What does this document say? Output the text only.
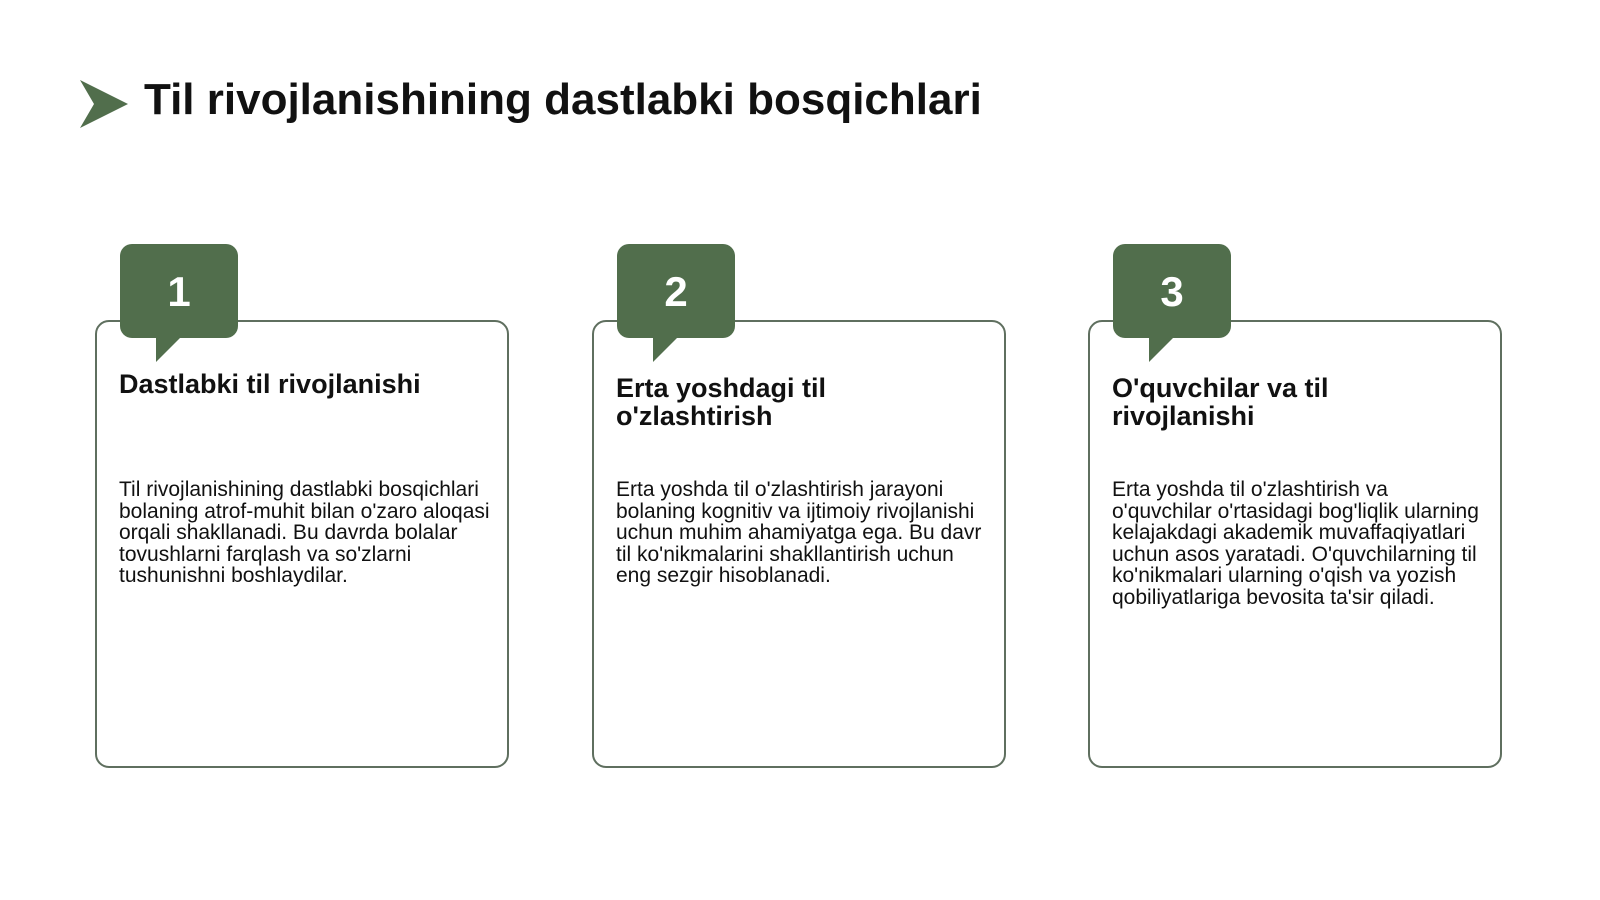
Til rivojlanishining dastlabki bosqichlari
Dastlabki til rivojlanishi

Til rivojlanishining dastlabki bosqichlari bolaning atrof-muhit bilan o'zaro aloqasi orqali shakllanadi. Bu davrda bolalar tovushlarni farqlash va so'zlarni tushunishni boshlaydilar.

1
Erta yoshdagi til o'zlashtirish

Erta yoshda til o'zlashtirish jarayoni bolaning kognitiv va ijtimoiy rivojlanishi uchun muhim ahamiyatga ega. Bu davr til ko'nikmalarini shakllantirish uchun eng sezgir hisoblanadi.

2
O'quvchilar va til rivojlanishi

Erta yoshda til o'zlashtirish va o'quvchilar o'rtasidagi bog'liqlik ularning kelajakdagi akademik muvaffaqiyatlari uchun asos yaratadi. O'quvchilarning til ko'nikmalari ularning o'qish va yozish qobiliyatlariga bevosita ta'sir qiladi.

3
